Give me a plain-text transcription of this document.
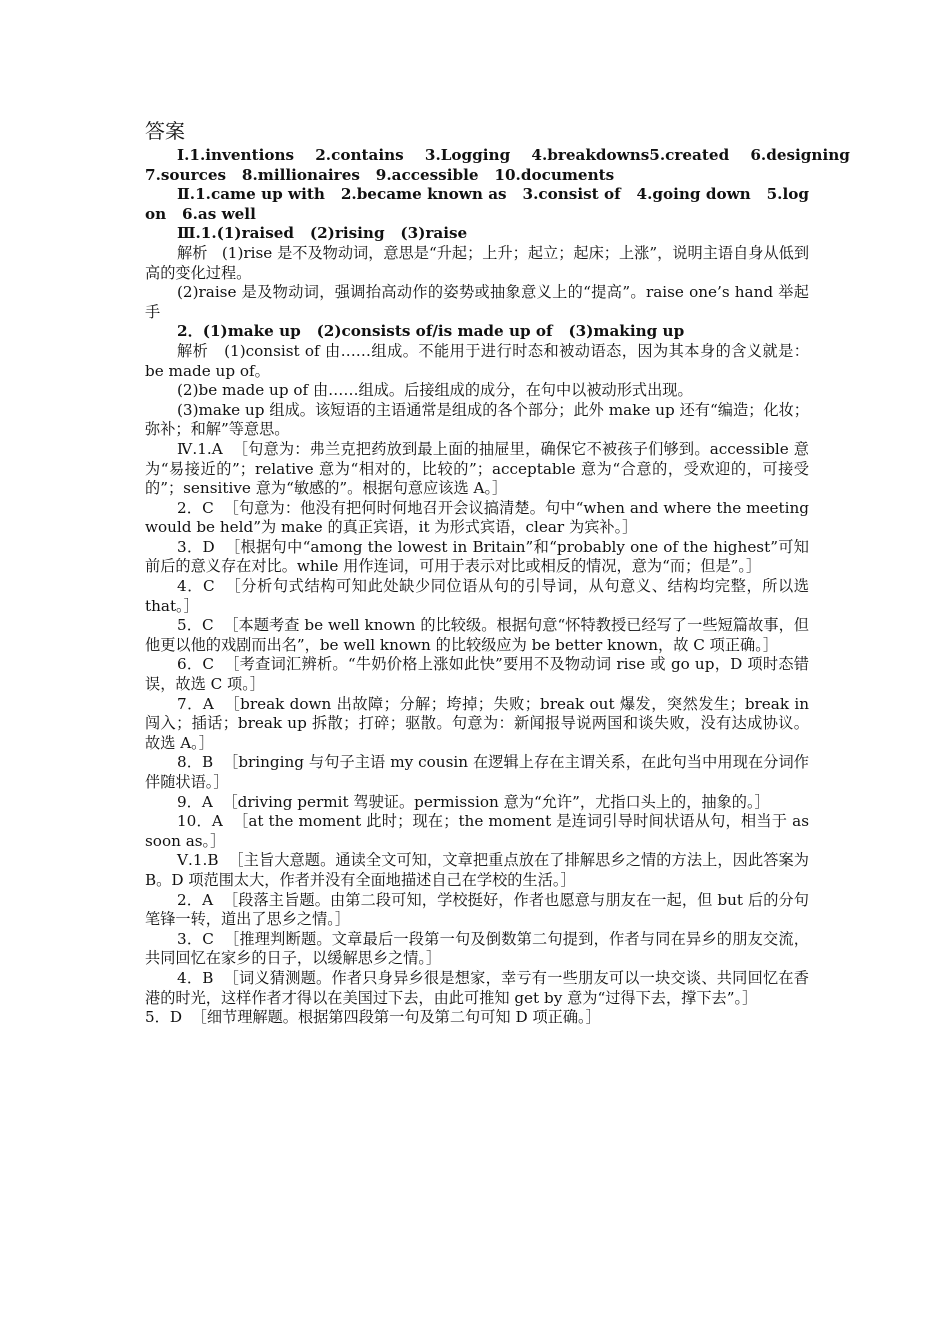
答案

Ⅰ.1.inventions    2.contains    3.Logging    4.breakdowns5.created    6.designing 7.sources   8.millionaires   9.accessible   10.documents

Ⅱ.1.came up with   2.became known as   3.consist of   4.going down   5.log on   6.as well

Ⅲ.1.(1)raised   (2)rising   (3)raise

解析   (1)rise 是不及物动词，意思是“升起；上升；起立；起床；上涨”，说明主语自身从低到高的变化过程。

(2)raise 是及物动词，强调抬高动作的姿势或抽象意义上的“提高”。raise one’s hand 举起手

2．(1)make up   (2)consists of/is made up of   (3)making up

解析   (1)consist of 由……组成。不能用于进行时态和被动语态，因为其本身的含义就是：be made up of。

(2)be made up of 由……组成。后接组成的成分，在句中以被动形式出现。

(3)make up 组成。该短语的主语通常是组成的各个部分；此外 make up 还有“编造；化妆；弥补；和解”等意思。

Ⅳ.1.A  ［句意为：弗兰克把药放到最上面的抽屉里，确保它不被孩子们够到。accessible 意为“易接近的”；relative 意为“相对的，比较的”；acceptable 意为“合意的，受欢迎的，可接受的”；sensitive 意为“敏感的”。根据句意应该选 A。］

2．C  ［句意为：他没有把何时何地召开会议搞清楚。句中“when and where the meeting would be held”为 make 的真正宾语，it 为形式宾语，clear 为宾补。］

3．D  ［根据句中“among the lowest in Britain”和“probably one of the highest”可知前后的意义存在对比。while 用作连词，可用于表示对比或相反的情况，意为“而；但是”。］

4．C  ［分析句式结构可知此处缺少同位语从句的引导词，从句意义、结构均完整，所以选 that。］

5．C  ［本题考查 be well known 的比较级。根据句意“怀特教授已经写了一些短篇故事，但他更以他的戏剧而出名”，be well known 的比较级应为 be better known，故 C 项正确。］

6．C  ［考查词汇辨析。“牛奶价格上涨如此快”要用不及物动词 rise 或 go up，D 项时态错误，故选 C 项。］

7．A  ［break down 出故障；分解；垮掉；失败；break out 爆发，突然发生；break in 闯入；插话；break up 拆散；打碎；驱散。句意为：新闻报导说两国和谈失败，没有达成协议。故选 A。］

8．B  ［bringing 与句子主语 my cousin 在逻辑上存在主谓关系，在此句当中用现在分词作伴随状语。］

9．A  ［driving permit 驾驶证。permission 意为“允许”，尤指口头上的，抽象的。］

10．A  ［at the moment 此时；现在；the moment 是连词引导时间状语从句，相当于 as soon as。］

Ⅴ.1.B  ［主旨大意题。通读全文可知，文章把重点放在了排解思乡之情的方法上，因此答案为 B。D 项范围太大，作者并没有全面地描述自己在学校的生活。］

2．A  ［段落主旨题。由第二段可知，学校挺好，作者也愿意与朋友在一起，但 but 后的分句笔锋一转，道出了思乡之情。］

3．C  ［推理判断题。文章最后一段第一句及倒数第二句提到，作者与同在异乡的朋友交流，共同回忆在家乡的日子，以缓解思乡之情。］

4．B  ［词义猜测题。作者只身异乡很是想家，幸亏有一些朋友可以一块交谈、共同回忆在香港的时光，这样作者才得以在美国过下去，由此可推知 get by 意为“过得下去，撑下去”。］

5．D  ［细节理解题。根据第四段第一句及第二句可知 D 项正确。］
